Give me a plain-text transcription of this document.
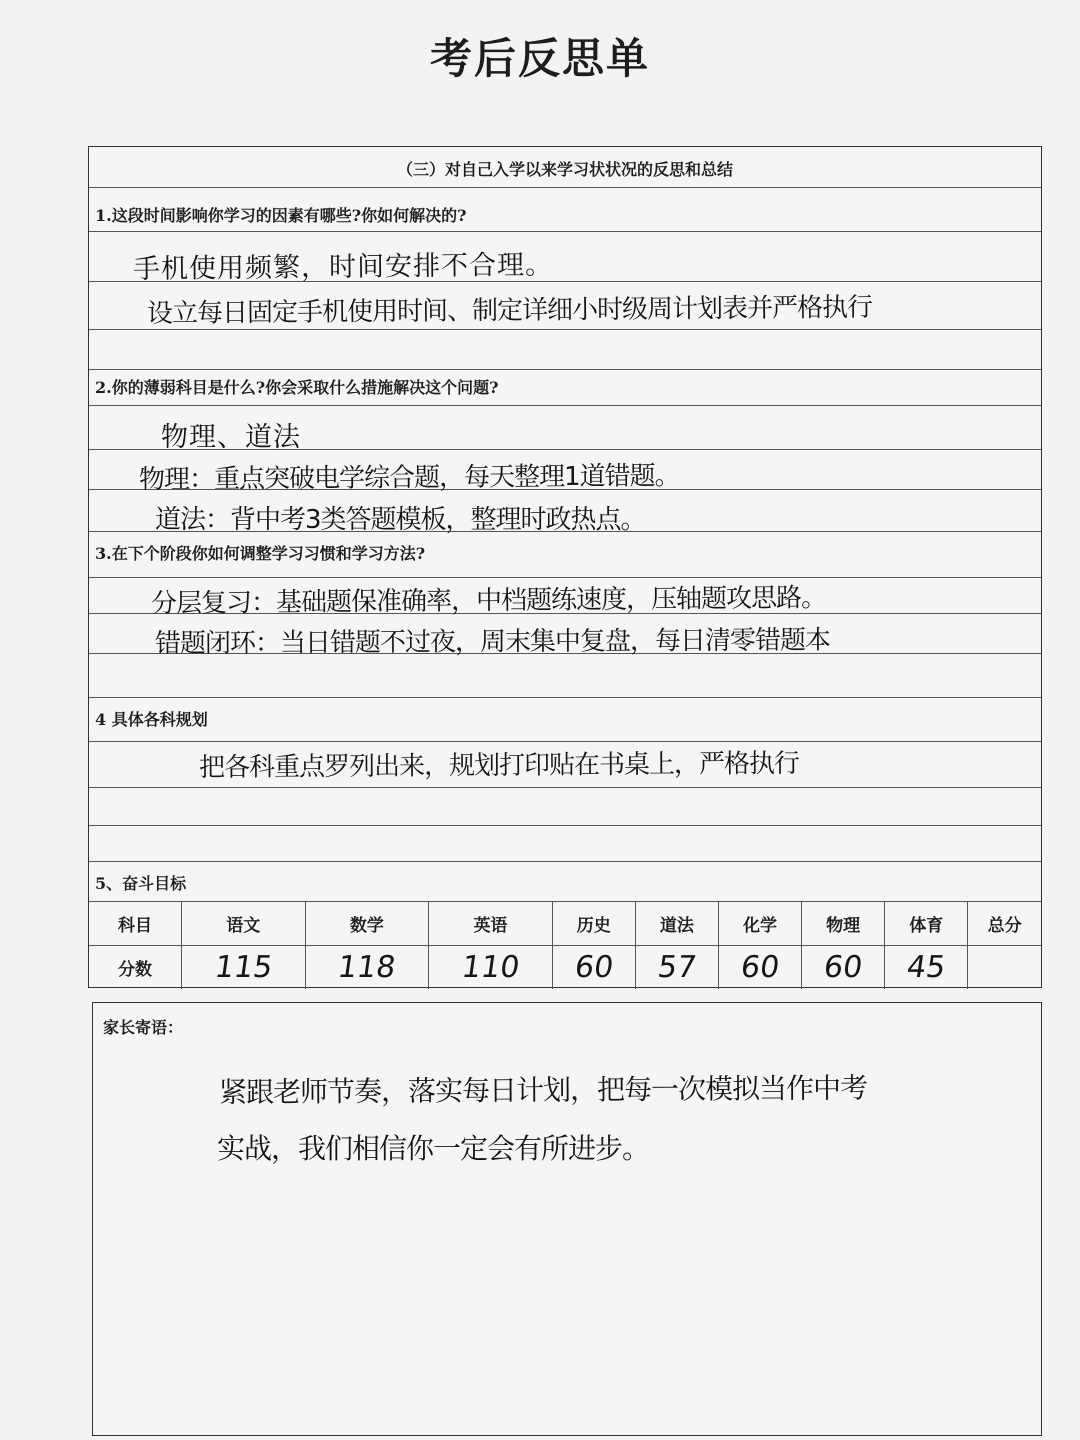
考后反思单
（三）对自己入学以来学习状状况的反思和总结
1.这段时间影响你学习的因素有哪些?你如何解决的?
手机使用频繁，时间安排不合理。
设立每日固定手机使用时间、制定详细小时级周计划表并严格执行
2.你的薄弱科目是什么?你会采取什么措施解决这个问题?
物理、道法
物理：重点突破电学综合题，每天整理1道错题。
道法：背中考3类答题模板，整理时政热点。
3.在下个阶段你如何调整学习习惯和学习方法?
分层复习：基础题保准确率，中档题练速度，压轴题攻思路。
错题闭环：当日错题不过夜，周末集中复盘，每日清零错题本
4 具体各科规划
把各科重点罗列出来，规划打印贴在书桌上，严格执行
5、奋斗目标
科目	语文	数学	英语	历史	道法	化学	物理	体育	总分
分数	115	118	110	60	57	60	60	45	
家长寄语：
紧跟老师节奏，落实每日计划，把每一次模拟当作中考
实战，我们相信你一定会有所进步。
